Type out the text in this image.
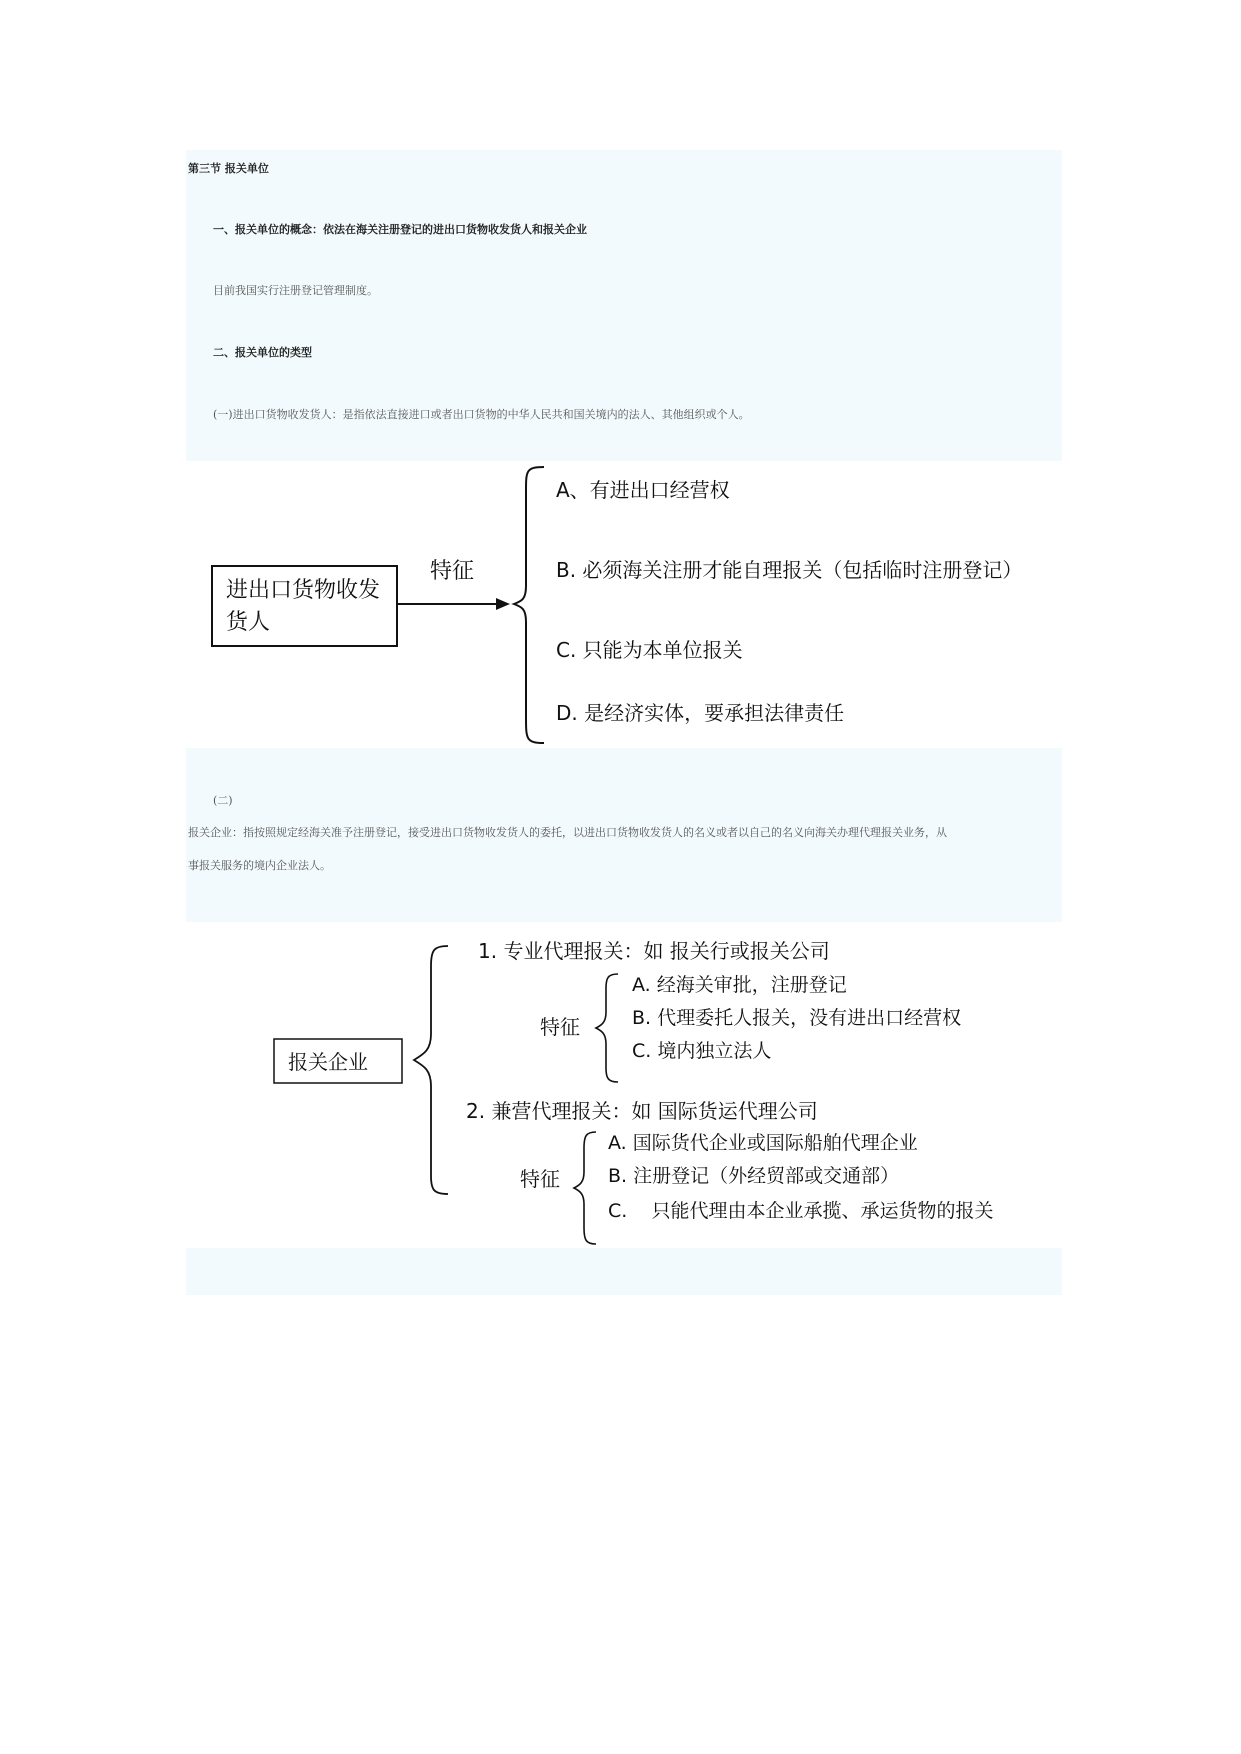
第三节 报关单位
一、报关单位的概念：依法在海关注册登记的进出口货物收发货人和报关企业
目前我国实行注册登记管理制度。
二、报关单位的类型
(一)进出口货物收发货人：是指依法直接进口或者出口货物的中华人民共和国关境内的法人、其他组织或个人。
进出口货物收发
货人
特征
A、有进出口经营权
B. 必须海关注册才能自理报关（包括临时注册登记）
C. 只能为本单位报关
D. 是经济实体，要承担法律责任
(二)
报关企业：指按照规定经海关准予注册登记，接受进出口货物收发货人的委托，以进出口货物收发货人的名义或者以自己的名义向海关办理代理报关业务，从
事报关服务的境内企业法人。
报关企业
1. 专业代理报关：如 报关行或报关公司
特征
A. 经海关审批，注册登记
B. 代理委托人报关，没有进出口经营权
C. 境内独立法人
2. 兼营代理报关：如 国际货运代理公司
特征
A. 国际货代企业或国际船舶代理企业
B. 注册登记（外经贸部或交通部）
C.    只能代理由本企业承揽、承运货物的报关
